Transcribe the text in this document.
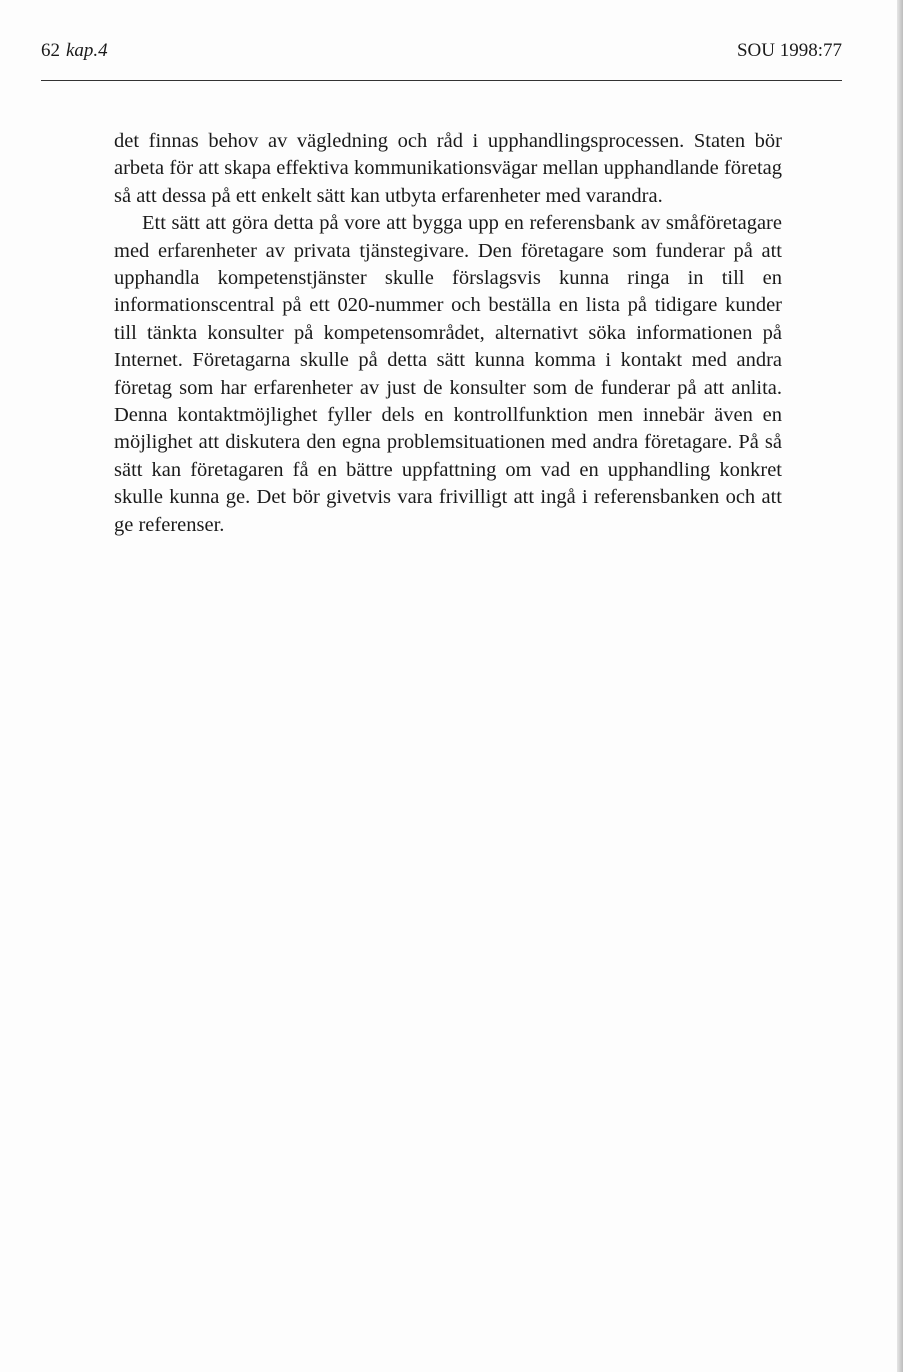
62 kap.4	SOU 1998:77

det finnas behov av vägledning och råd i upphandlingsprocessen. Staten bör arbeta för att skapa effektiva kommunikationsvägar mellan upphandlande företag så att dessa på ett enkelt sätt kan utbyta erfarenheter med varandra.

Ett sätt att göra detta på vore att bygga upp en referensbank av småföretagare med erfarenheter av privata tjänstegivare. Den företagare som funderar på att upphandla kompetenstjänster skulle förslagsvis kunna ringa in till en informationscentral på ett 020-nummer och beställa en lista på tidigare kunder till tänkta konsulter på kompetensområdet, alternativt söka informationen på Internet. Företagarna skulle på detta sätt kunna komma i kontakt med andra företag som har erfarenheter av just de konsulter som de funderar på att anlita. Denna kontaktmöjlighet fyller dels en kontrollfunktion men innebär även en möjlighet att diskutera den egna problemsituationen med andra företagare. På så sätt kan företagaren få en bättre uppfattning om vad en upphandling konkret skulle kunna ge. Det bör givetvis vara frivilligt att ingå i referensbanken och att ge referenser.
